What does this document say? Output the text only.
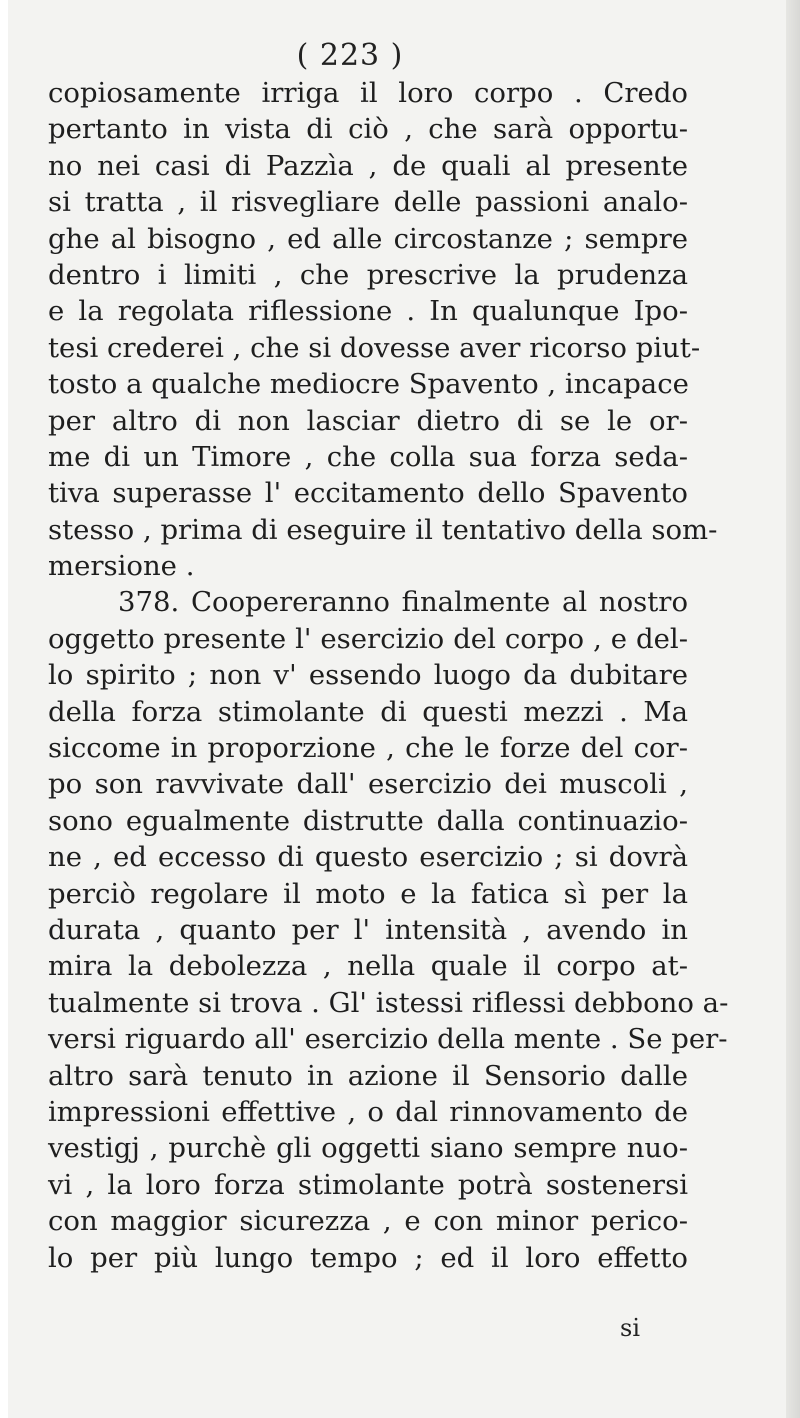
( 223 )
copiosamente irriga il loro corpo . Credo
pertanto in vista di ciò , che sarà opportu-
no nei casi di Pazzìa , de quali al presente
si tratta , il risvegliare delle passioni analo-
ghe al bisogno , ed alle circostanze ; sempre
dentro i limiti , che prescrive la prudenza
e la regolata riflessione . In qualunque Ipo-
tesi crederei , che si dovesse aver ricorso piut-
tosto a qualche mediocre Spavento , incapace
per altro di non lasciar dietro di se le or-
me di un Timore , che colla sua forza seda-
tiva superasse l' eccitamento dello Spavento
stesso , prima di eseguire il tentativo della som-
mersione .
378. Coopereranno finalmente al nostro
oggetto presente l' esercizio del corpo , e del-
lo spirito ; non v' essendo luogo da dubitare
della forza stimolante di questi mezzi . Ma
siccome in proporzione , che le forze del cor-
po son ravvivate dall' esercizio dei muscoli ,
sono egualmente distrutte dalla continuazio-
ne , ed eccesso di questo esercizio ; si dovrà
perciò regolare il moto e la fatica sì per la
durata , quanto per l' intensità , avendo in
mira la debolezza , nella quale il corpo at-
tualmente si trova . Gl' istessi riflessi debbono a-
versi riguardo all' esercizio della mente . Se per-
altro sarà tenuto in azione il Sensorio dalle
impressioni effettive , o dal rinnovamento de
vestigj , purchè gli oggetti siano sempre nuo-
vi , la loro forza stimolante potrà sostenersi
con maggior sicurezza , e con minor perico-
lo per più lungo tempo ; ed il loro effetto
si
